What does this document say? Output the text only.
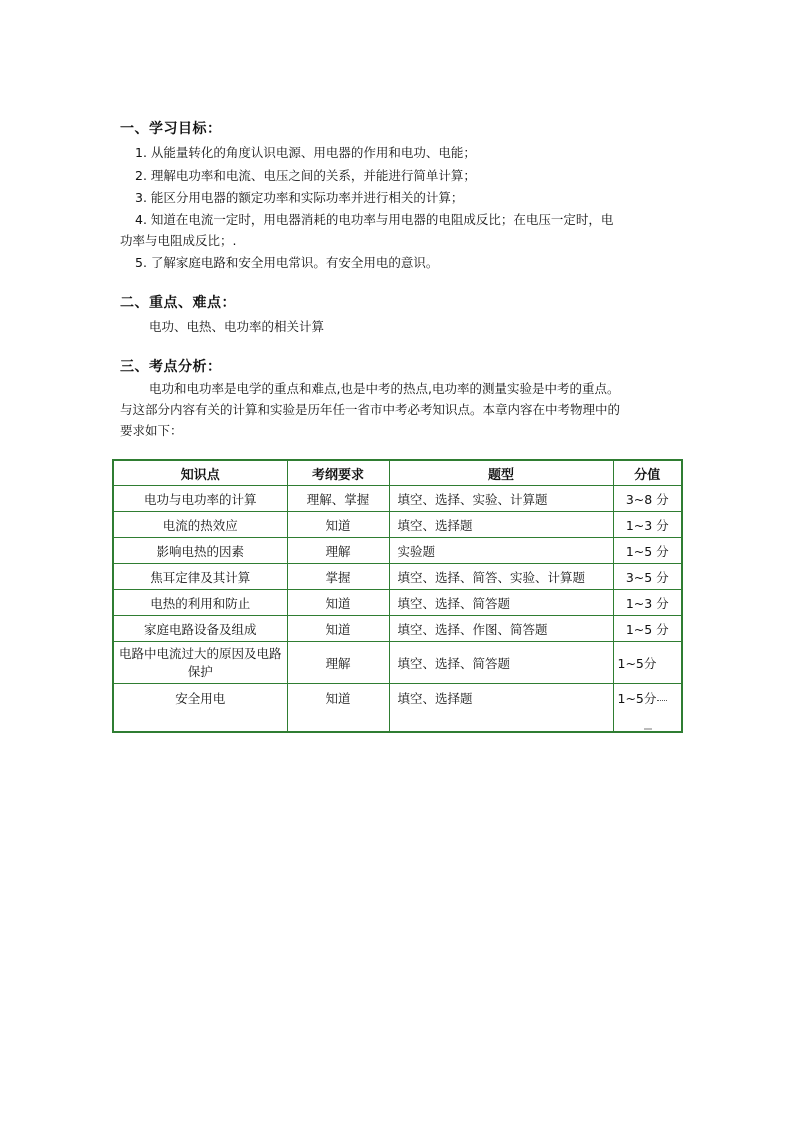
一、学习目标：
1. 从能量转化的角度认识电源、用电器的作用和电功、电能；
2. 理解电功率和电流、电压之间的关系，并能进行简单计算；
3. 能区分用电器的额定功率和实际功率并进行相关的计算；
4. 知道在电流一定时，用电器消耗的电功率与用电器的电阻成反比；在电压一定时，电
功率与电阻成反比；.
5. 了解家庭电路和安全用电常识。有安全用电的意识。
二、重点、难点：
电功、电热、电功率的相关计算
三、考点分析：
电功和电功率是电学的重点和难点,也是中考的热点,电功率的测量实验是中考的重点。
与这部分内容有关的计算和实验是历年任一省市中考必考知识点。本章内容在中考物理中的
要求如下：
知识点	考纲要求	题型	分值
电功与电功率的计算	理解、掌握	填空、选择、实验、计算题	3~8 分
电流的热效应	知道	填空、选择题	1~3 分
影响电热的因素	理解	实验题	1~5 分
焦耳定律及其计算	掌握	填空、选择、简答、实验、计算题	3~5 分
电热的利用和防止	知道	填空、选择、简答题	1~3 分
家庭电路设备及组成	知道	填空、选择、作图、简答题	1~5 分
电路中电流过大的原因及电路保护	理解	填空、选择、简答题	1~5分
安全用电	知道	填空、选择题	1~5分
